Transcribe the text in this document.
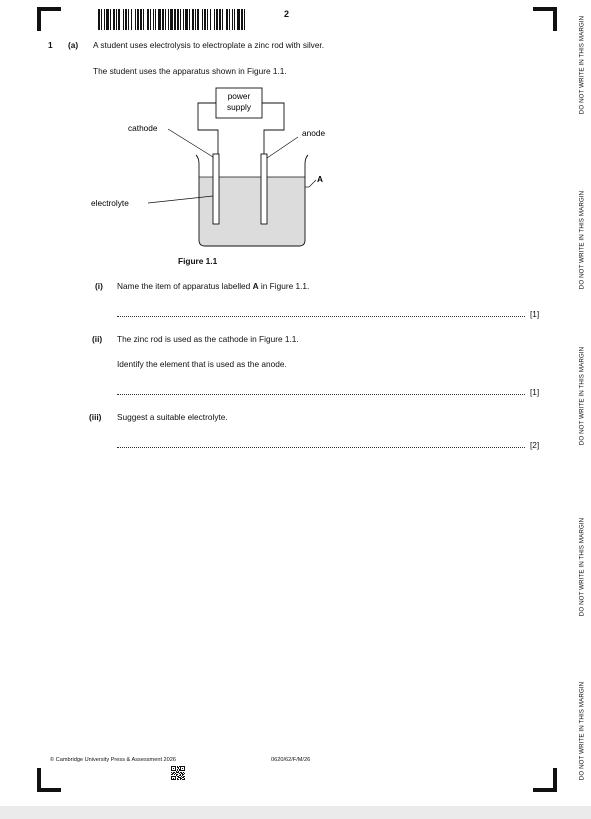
2
1 (a) A student uses electrolysis to electroplate a zinc rod with silver.
The student uses the apparatus shown in Figure 1.1.
power
supply
cathode	anode
electrolyte
A
Figure 1.1
(i) Name the item of apparatus labelled A in Figure 1.1.
[1]
(ii) The zinc rod is used as the cathode in Figure 1.1.
Identify the element that is used as the anode.
[1]
(iii) Suggest a suitable electrolyte.
[2]
© Cambridge University Press & Assessment 2026	0620/62/F/M/26
DO NOT WRITE IN THIS MARGIN
DO NOT WRITE IN THIS MARGIN
DO NOT WRITE IN THIS MARGIN
DO NOT WRITE IN THIS MARGIN
DO NOT WRITE IN THIS MARGIN
